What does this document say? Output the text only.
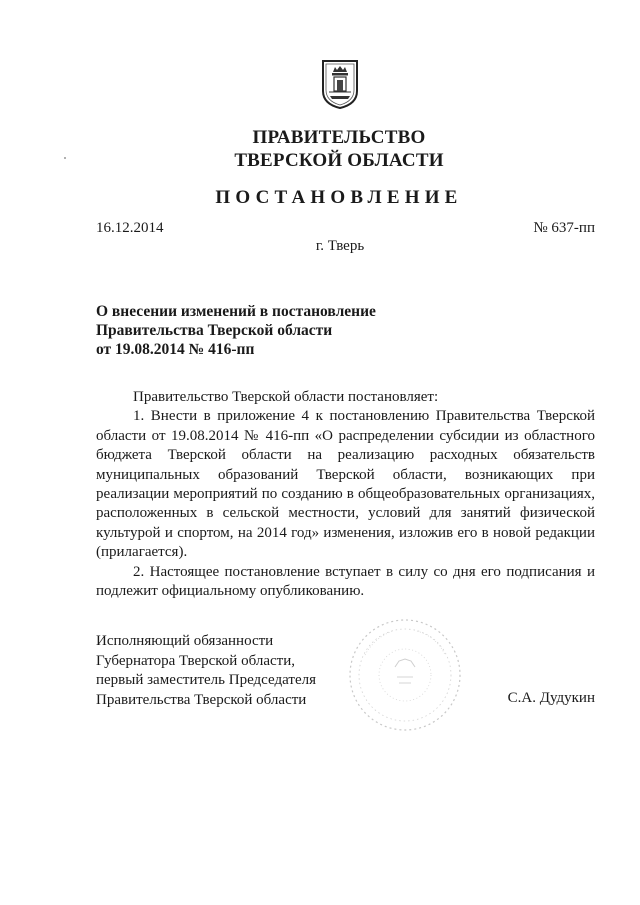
ПРАВИТЕЛЬСТВО
ТВЕРСКОЙ ОБЛАСТИ
ПОСТАНОВЛЕНИЕ
16.12.2014	№ 637-пп
г. Тверь
О внесении изменений в постановление
Правительства Тверской области
от 19.08.2014 № 416-пп

Правительство Тверской области постановляет:

1. Внести в приложение 4 к постановлению Правительства Тверской области от 19.08.2014 № 416-пп «О распределении субсидии из областного бюджета Тверской области на реализацию расходных обязательств муниципальных образований Тверской области, возникающих при реализации мероприятий по созданию в общеобразовательных организациях, расположенных в сельской местности, условий для занятий физической культурой и спортом, на 2014 год» изменения, изложив его в новой редакции (прилагается).

2. Настоящее постановление вступает в силу со дня его подписания и подлежит официальному опубликованию.

Исполняющий обязанности
Губернатора Тверской области,
первый заместитель Председателя
Правительства Тверской области	С.А. Дудукин
